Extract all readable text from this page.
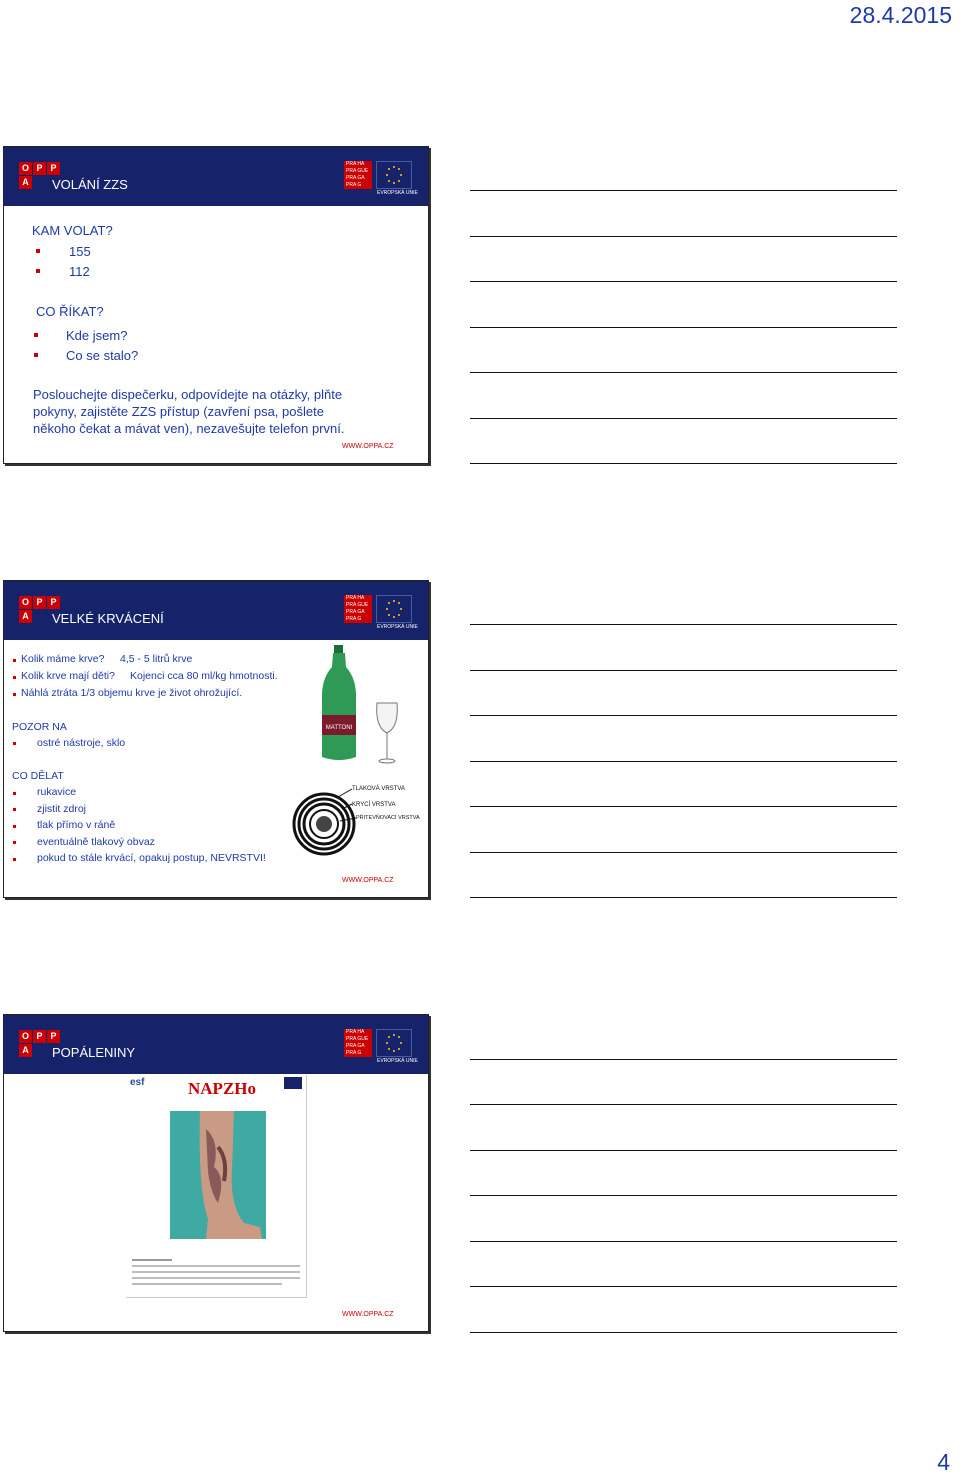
28.4.2015
O P P
A VOLÁNÍ ZZS
PRA HA
PRA GUE
PRA GA
PRA G
EVROPSKÁ UNIE
KAM VOLAT?
155
112
CO ŘÍKAT?
Kde jsem?
Co se stalo?
Poslouchejte dispečerku, odpovídejte na otázky, plňte
pokyny, zajistěte ZZS přístup (zavření psa, pošlete
někoho čekat a mávat ven), nezavešujte telefon první.
WWW.OPPA.CZ
O P P
A VELKÉ KRVÁCENÍ
PRA HA
PRA GUE
PRA GA
PRA G
EVROPSKÁ UNIE
Kolik máme krve? 4,5 - 5 litrů krve
Kolik krve mají děti? Kojenci cca 80 ml/kg hmotnosti.
Náhlá ztráta 1/3 objemu krve je život ohrožující.
POZOR NA
ostré nástroje, sklo
CO DĚLAT
rukavice
zjistit zdroj
tlak přímo v ráně
eventuálně tlakový obvaz
pokud to stále krvácí, opakuj postup, NEVRSTVI!
MATTONI
TLAKOVÁ VRSTVA
KRYCÍ VRSTVA
PŘITEVŇOVACÍ VRSTVA
WWW.OPPA.CZ
O P P
A POPÁLENINY
PRA HA
PRA GUE
PRA GA
PRA G
EVROPSKÁ UNIE
esf	NAPZHo
WWW.OPPA.CZ
4
